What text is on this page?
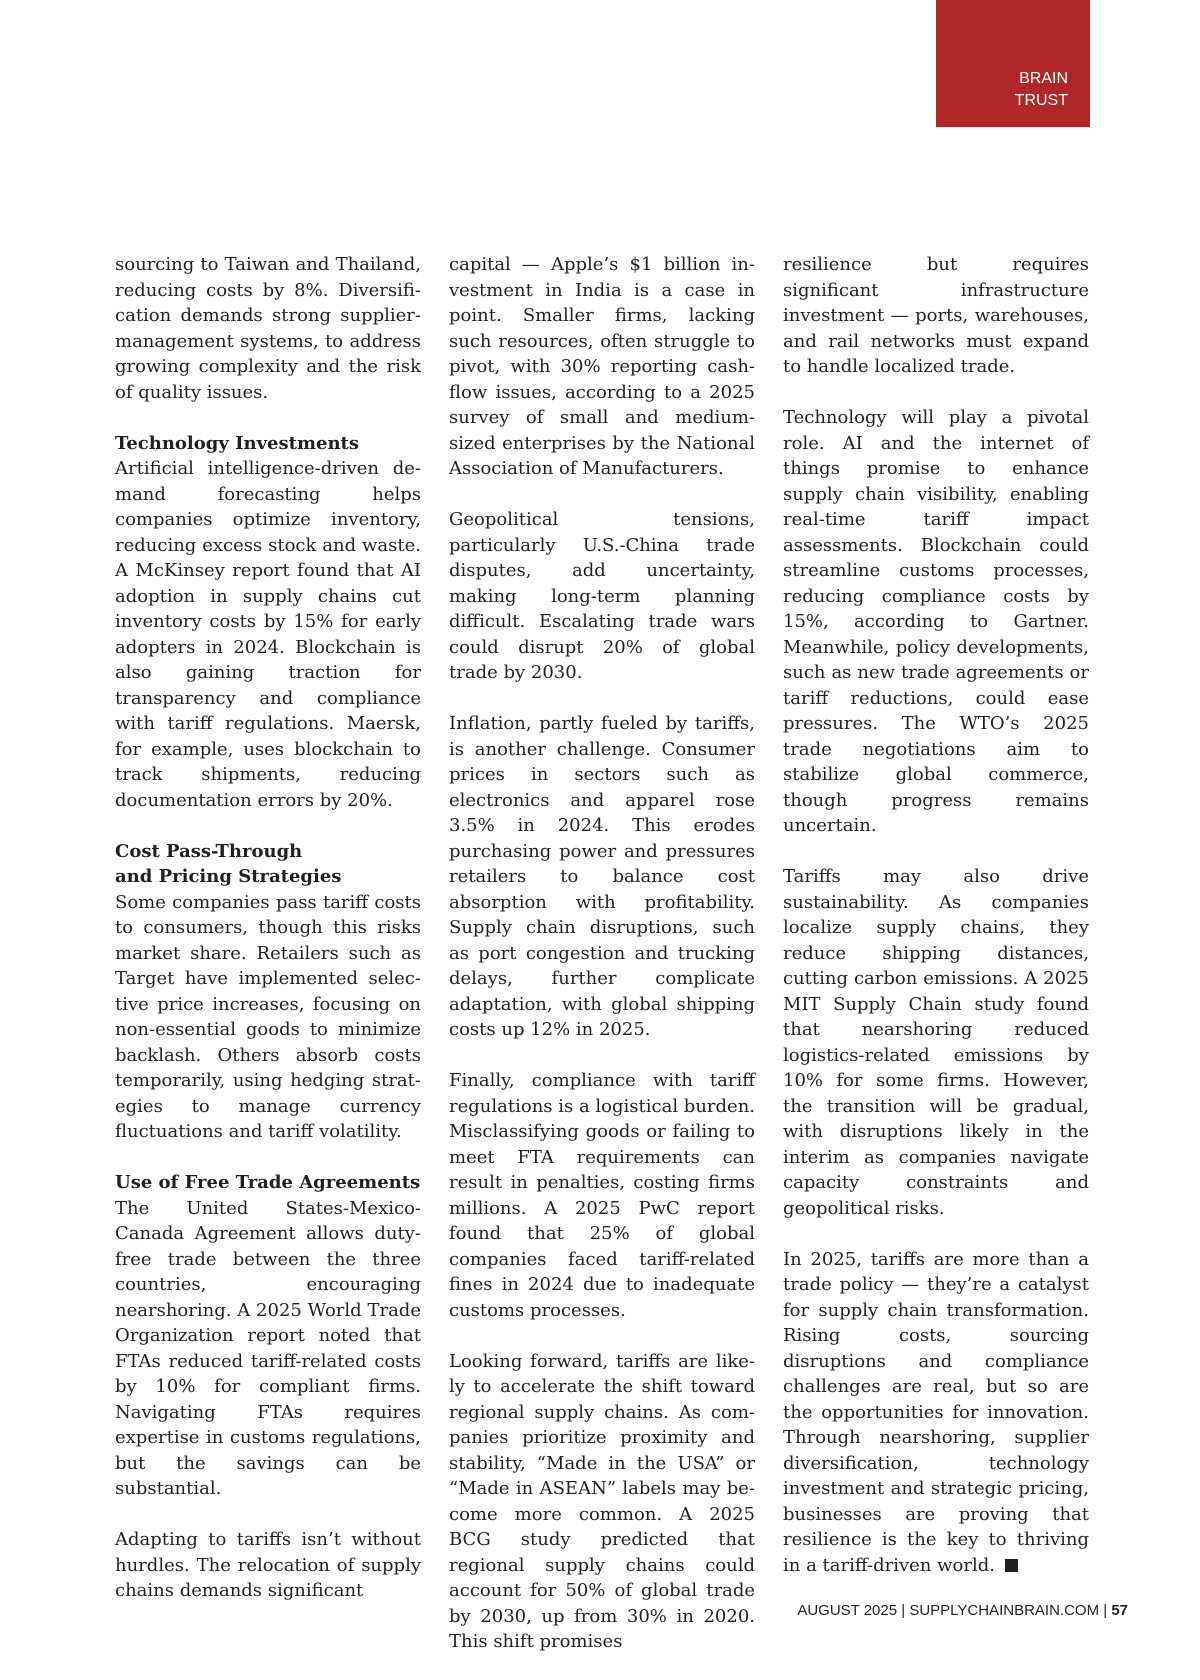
BRAIN
TRUST

sourcing to Taiwan and Thailand, reducing costs by 8%. Diversification demands strong supplier-management systems, to address growing complexity and the risk of quality issues.

Technology Investments

Artificial intelligence-driven demand forecasting helps companies optimize inventory, reducing excess stock and waste. A McKinsey report found that AI adoption in supply chains cut inventory costs by 15% for early adopters in 2024. Blockchain is also gaining traction for transparency and compliance with tariff regulations. Maersk, for example, uses blockchain to track shipments, reducing documentation errors by 20%.

Cost Pass-Through
and Pricing Strategies

Some companies pass tariff costs to consumers, though this risks market share. Retailers such as Target have implemented selective price increases, focusing on non-essential goods to minimize backlash. Others absorb costs temporarily, using hedging strategies to manage currency fluctuations and tariff volatility.

Use of Free Trade Agreements

The United States-Mexico-Canada Agreement allows duty-free trade between the three countries, encouraging nearshoring. A 2025 World Trade Organization report noted that FTAs reduced tariff-related costs by 10% for compliant firms. Navigating FTAs requires expertise in customs regulations, but the savings can be substantial.

Adapting to tariffs isn’t without hurdles. The relocation of supply chains demands significant

capital — Apple’s $1 billion investment in India is a case in point. Smaller firms, lacking such resources, often struggle to pivot, with 30% reporting cash-flow issues, according to a 2025 survey of small and medium-sized enterprises by the National Association of Manufacturers.

Geopolitical tensions, particularly U.S.-China trade disputes, add uncertainty, making long-term planning difficult. Escalating trade wars could disrupt 20% of global trade by 2030.

Inflation, partly fueled by tariffs, is another challenge. Consumer prices in sectors such as electronics and apparel rose 3.5% in 2024. This erodes purchasing power and pressures retailers to balance cost absorption with profitability. Supply chain disruptions, such as port congestion and trucking delays, further complicate adaptation, with global shipping costs up 12% in 2025.

Finally, compliance with tariff regulations is a logistical burden. Misclassifying goods or failing to meet FTA requirements can result in penalties, costing firms millions. A 2025 PwC report found that 25% of global companies faced tariff-related fines in 2024 due to inadequate customs processes.

Looking forward, tariffs are likely to accelerate the shift toward regional supply chains. As companies prioritize proximity and stability, “Made in the USA” or “Made in ASEAN” labels may become more common. A 2025 BCG study predicted that regional supply chains could account for 50% of global trade by 2030, up from 30% in 2020. This shift promises

resilience but requires significant infrastructure investment — ports, warehouses, and rail networks must expand to handle localized trade.

Technology will play a pivotal role. AI and the internet of things promise to enhance supply chain visibility, enabling real-time tariff impact assessments. Blockchain could streamline customs processes, reducing compliance costs by 15%, according to Gartner. Meanwhile, policy developments, such as new trade agreements or tariff reductions, could ease pressures. The WTO’s 2025 trade negotiations aim to stabilize global commerce, though progress remains uncertain.

Tariffs may also drive sustainability. As companies localize supply chains, they reduce shipping distances, cutting carbon emissions. A 2025 MIT Supply Chain study found that nearshoring reduced logistics-related emissions by 10% for some firms. However, the transition will be gradual, with disruptions likely in the interim as companies navigate capacity constraints and geopolitical risks.

In 2025, tariffs are more than a trade policy — they’re a catalyst for supply chain transformation. Rising costs, sourcing disruptions and compliance challenges are real, but so are the opportunities for innovation. Through nearshoring, supplier diversification, technology investment and strategic pricing, businesses are proving that resilience is the key to thriving in a tariff-driven world.

AUGUST 2025 | SUPPLYCHAINBRAIN.COM | 57
